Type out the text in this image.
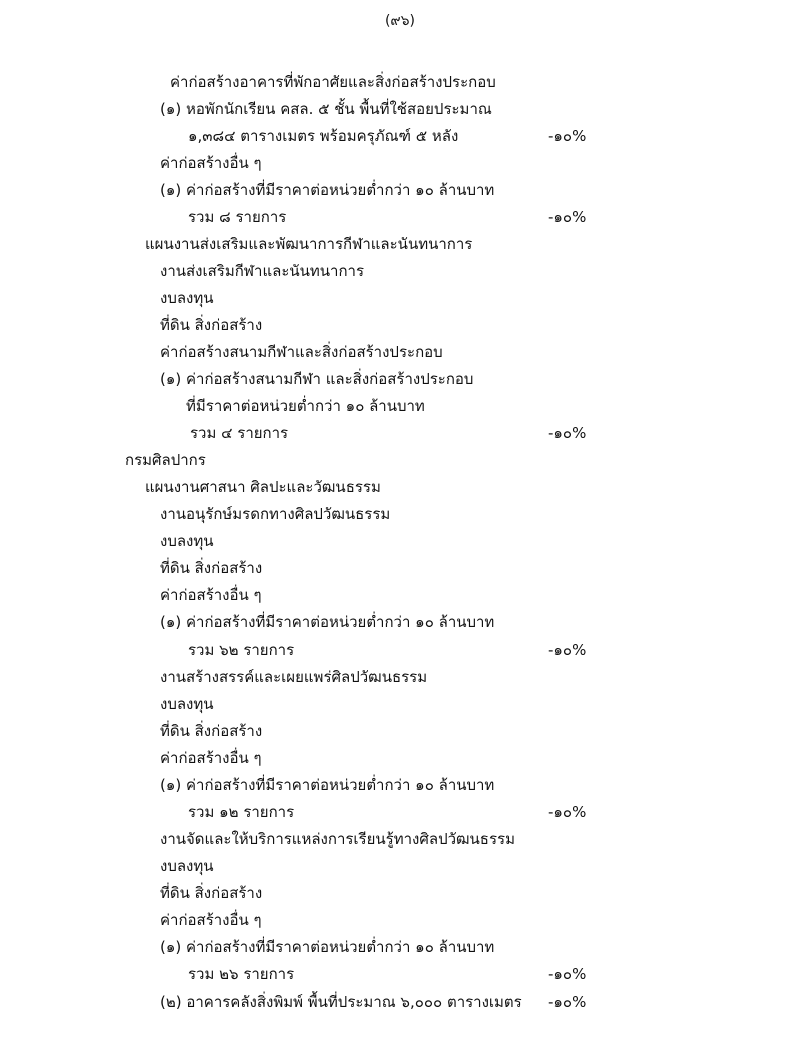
(๙๖)
ค่าก่อสร้างอาคารที่พักอาศัยและสิ่งก่อสร้างประกอบ
(๑) หอพักนักเรียน คสล. ๕ ชั้น พื้นที่ใช้สอยประมาณ
๑,๓๘๔ ตารางเมตร พร้อมครุภัณฑ์ ๕ หลัง	-๑๐%
ค่าก่อสร้างอื่น ๆ
(๑) ค่าก่อสร้างที่มีราคาต่อหน่วยต่ำกว่า ๑๐ ล้านบาท
รวม ๘ รายการ	-๑๐%
แผนงานส่งเสริมและพัฒนาการกีฬาและนันทนาการ
งานส่งเสริมกีฬาและนันทนาการ
งบลงทุน
ที่ดิน สิ่งก่อสร้าง
ค่าก่อสร้างสนามกีฬาและสิ่งก่อสร้างประกอบ
(๑) ค่าก่อสร้างสนามกีฬา และสิ่งก่อสร้างประกอบ
ที่มีราคาต่อหน่วยต่ำกว่า ๑๐ ล้านบาท
รวม ๔ รายการ	-๑๐%
กรมศิลปากร
แผนงานศาสนา ศิลปะและวัฒนธรรม
งานอนุรักษ์มรดกทางศิลปวัฒนธรรม
งบลงทุน
ที่ดิน สิ่งก่อสร้าง
ค่าก่อสร้างอื่น ๆ
(๑) ค่าก่อสร้างที่มีราคาต่อหน่วยต่ำกว่า ๑๐ ล้านบาท
รวม ๖๒ รายการ	-๑๐%
งานสร้างสรรค์และเผยแพร่ศิลปวัฒนธรรม
งบลงทุน
ที่ดิน สิ่งก่อสร้าง
ค่าก่อสร้างอื่น ๆ
(๑) ค่าก่อสร้างที่มีราคาต่อหน่วยต่ำกว่า ๑๐ ล้านบาท
รวม ๑๒ รายการ	-๑๐%
งานจัดและให้บริการแหล่งการเรียนรู้ทางศิลปวัฒนธรรม
งบลงทุน
ที่ดิน สิ่งก่อสร้าง
ค่าก่อสร้างอื่น ๆ
(๑) ค่าก่อสร้างที่มีราคาต่อหน่วยต่ำกว่า ๑๐ ล้านบาท
รวม ๒๖ รายการ	-๑๐%
(๒) อาคารคลังสิ่งพิมพ์ พื้นที่ประมาณ ๖,๐๐๐ ตารางเมตร -๑๐%
